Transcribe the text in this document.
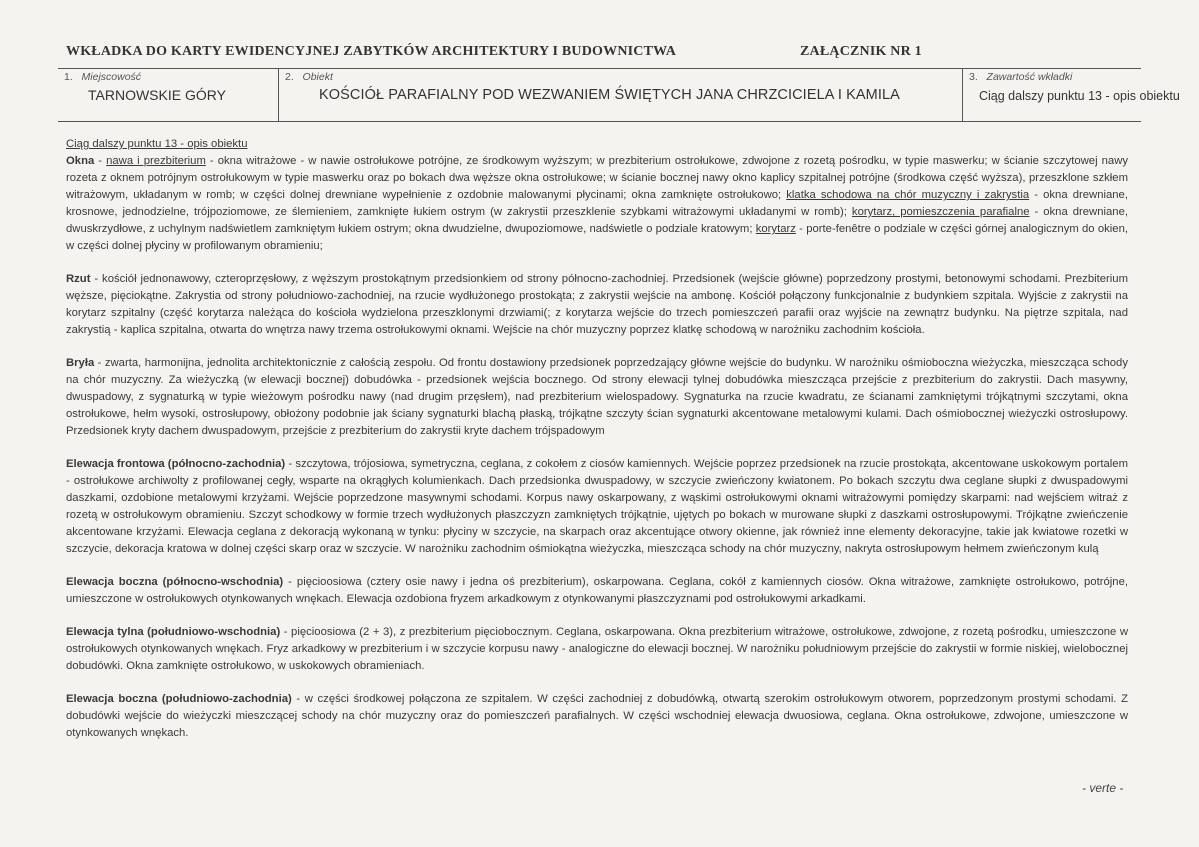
WKŁADKA DO KARTY EWIDENCYJNEJ ZABYTKÓW ARCHITEKTURY I BUDOWNICTWA	ZAŁĄCZNIK NR 1
1. Miejscowość
TARNOWSKIE GÓRY
2. Obiekt
KOŚCIÓŁ PARAFIALNY POD WEZWANIEM ŚWIĘTYCH JANA CHRZCICIELA I KAMILA
3. Zawartość wkładki
Ciąg dalszy punktu 13 - opis obiektu
Ciąg dalszy punktu 13 - opis obiektu

Okna - nawa i prezbiterium - okna witrażowe - w nawie ostrołukowe potrójne, ze środkowym wyższym; w prezbiterium ostrołukowe, zdwojone z rozetą pośrodku, w typie maswerku; w ścianie szczytowej nawy rozeta z oknem potrójnym ostrołukowym w typie maswerku oraz po bokach dwa węższe okna ostrołukowe; w ścianie bocznej nawy okno kaplicy szpitalnej potrójne (środkowa część wyższa), przeszklone szkłem witrażowym, układanym w romb; w części dolnej drewniane wypełnienie z ozdobnie malowanymi płycinami; okna zamknięte ostrołukowo; klatka schodowa na chór muzyczny i zakrystia - okna drewniane, krosnowe, jednodzielne, trójpoziomowe, ze ślemieniem, zamknięte łukiem ostrym (w zakrystii przeszklenie szybkami witrażowymi układanymi w romb); korytarz, pomieszczenia parafialne - okna drewniane, dwuskrzydłowe, z uchylnym nadświetlem zamkniętym łukiem ostrym; okna dwudzielne, dwupoziomowe, nadświetle o podziale kratowym; korytarz - porte-fenêtre o podziale w części górnej analogicznym do okien, w części dolnej płyciny w profilowanym obramieniu;

Rzut - kościół jednonawowy, czteroprzęsłowy, z węższym prostokątnym przedsionkiem od strony północno-zachodniej. Przedsionek (wejście główne) poprzedzony prostymi, betonowymi schodami. Prezbiterium węższe, pięciokątne. Zakrystia od strony południowo-zachodniej, na rzucie wydłużonego prostokąta; z zakrystii wejście na ambonę. Kościół połączony funkcjonalnie z budynkiem szpitala. Wyjście z zakrystii na korytarz szpitalny (część korytarza należąca do kościoła wydzielona przeszklonymi drzwiami(; z korytarza wejście do trzech pomieszczeń parafii oraz wyjście na zewnątrz budynku. Na piętrze szpitala, nad zakrystią - kaplica szpitalna, otwarta do wnętrza nawy trzema ostrołukowymi oknami. Wejście na chór muzyczny poprzez klatkę schodową w narożniku zachodnim kościoła.

Bryła - zwarta, harmonijna, jednolita architektonicznie z całością zespołu. Od frontu dostawiony przedsionek poprzedzający główne wejście do budynku. W narożniku ośmioboczna wieżyczka, mieszcząca schody na chór muzyczny. Za wieżyczką (w elewacji bocznej) dobudówka - przedsionek wejścia bocznego. Od strony elewacji tylnej dobudówka mieszcząca przejście z prezbiterium do zakrystii. Dach masywny, dwuspadowy, z sygnaturką w typie wieżowym pośrodku nawy (nad drugim przęsłem), nad prezbiterium wielospadowy. Sygnaturka na rzucie kwadratu, ze ścianami zamkniętymi trójkątnymi szczytami, okna ostrołukowe, hełm wysoki, ostrosłupowy, obłożony podobnie jak ściany sygnaturki blachą płaską, trójkątne szczyty ścian sygnaturki akcentowane metalowymi kulami. Dach ośmiobocznej wieżyczki ostrosłupowy. Przedsionek kryty dachem dwuspadowym, przejście z prezbiterium do zakrystii kryte dachem trójspadowym

Elewacja frontowa (północno-zachodnia) - szczytowa, trójosiowa, symetryczna, ceglana, z cokołem z ciosów kamiennych. Wejście poprzez przedsionek na rzucie prostokąta, akcentowane uskokowym portalem - ostrołukowe archiwolty z profilowanej cegły, wsparte na okrągłych kolumienkach. Dach przedsionka dwuspadowy, w szczycie zwieńczony kwiatonem. Po bokach szczytu dwa ceglane słupki z dwuspadowymi daszkami, ozdobione metalowymi krzyżami. Wejście poprzedzone masywnymi schodami. Korpus nawy oskarpowany, z wąskimi ostrołukowymi oknami witrażowymi pomiędzy skarpami: nad wejściem witraż z rozetą w ostrołukowym obramieniu. Szczyt schodkowy w formie trzech wydłużonych płaszczyzn zamkniętych trójkątnie, ujętych po bokach w murowane słupki z daszkami ostrosłupowymi. Trójkątne zwieńczenie akcentowane krzyżami. Elewacja ceglana z dekoracją wykonaną w tynku: płyciny w szczycie, na skarpach oraz akcentujące otwory okienne, jak również inne elementy dekoracyjne, takie jak kwiatowe rozetki w szczycie, dekoracja kratowa w dolnej części skarp oraz w szczycie. W narożniku zachodnim ośmiokątna wieżyczka, mieszcząca schody na chór muzyczny, nakryta ostrosłupowym hełmem zwieńczonym kulą

Elewacja boczna (północno-wschodnia) - pięcioosiowa (cztery osie nawy i jedna oś prezbiterium), oskarpowana. Ceglana, cokół z kamiennych ciosów. Okna witrażowe, zamknięte ostrołukowo, potrójne, umieszczone w ostrołukowych otynkowanych wnękach. Elewacja ozdobiona fryzem arkadkowym z otynkowanymi płaszczyznami pod ostrołukowymi arkadkami.

Elewacja tylna (południowo-wschodnia) - pięcioosiowa (2 + 3), z prezbiterium pięciobocznym. Ceglana, oskarpowana. Okna prezbiterium witrażowe, ostrołukowe, zdwojone, z rozetą pośrodku, umieszczone w ostrołukowych otynkowanych wnękach. Fryz arkadkowy w prezbiterium i w szczycie korpusu nawy - analogiczne do elewacji bocznej. W narożniku południowym przejście do zakrystii w formie niskiej, wielobocznej dobudówki. Okna zamknięte ostrołukowo, w uskokowych obramieniach.

Elewacja boczna (południowo-zachodnia) - w części środkowej połączona ze szpitalem. W części zachodniej z dobudówką, otwartą szerokim ostrołukowym otworem, poprzedzonym prostymi schodami. Z dobudówki wejście do wieżyczki mieszczącej schody na chór muzyczny oraz do pomieszczeń parafialnych. W części wschodniej elewacja dwuosiowa, ceglana. Okna ostrołukowe, zdwojone, umieszczone w otynkowanych wnękach.

- verte -
